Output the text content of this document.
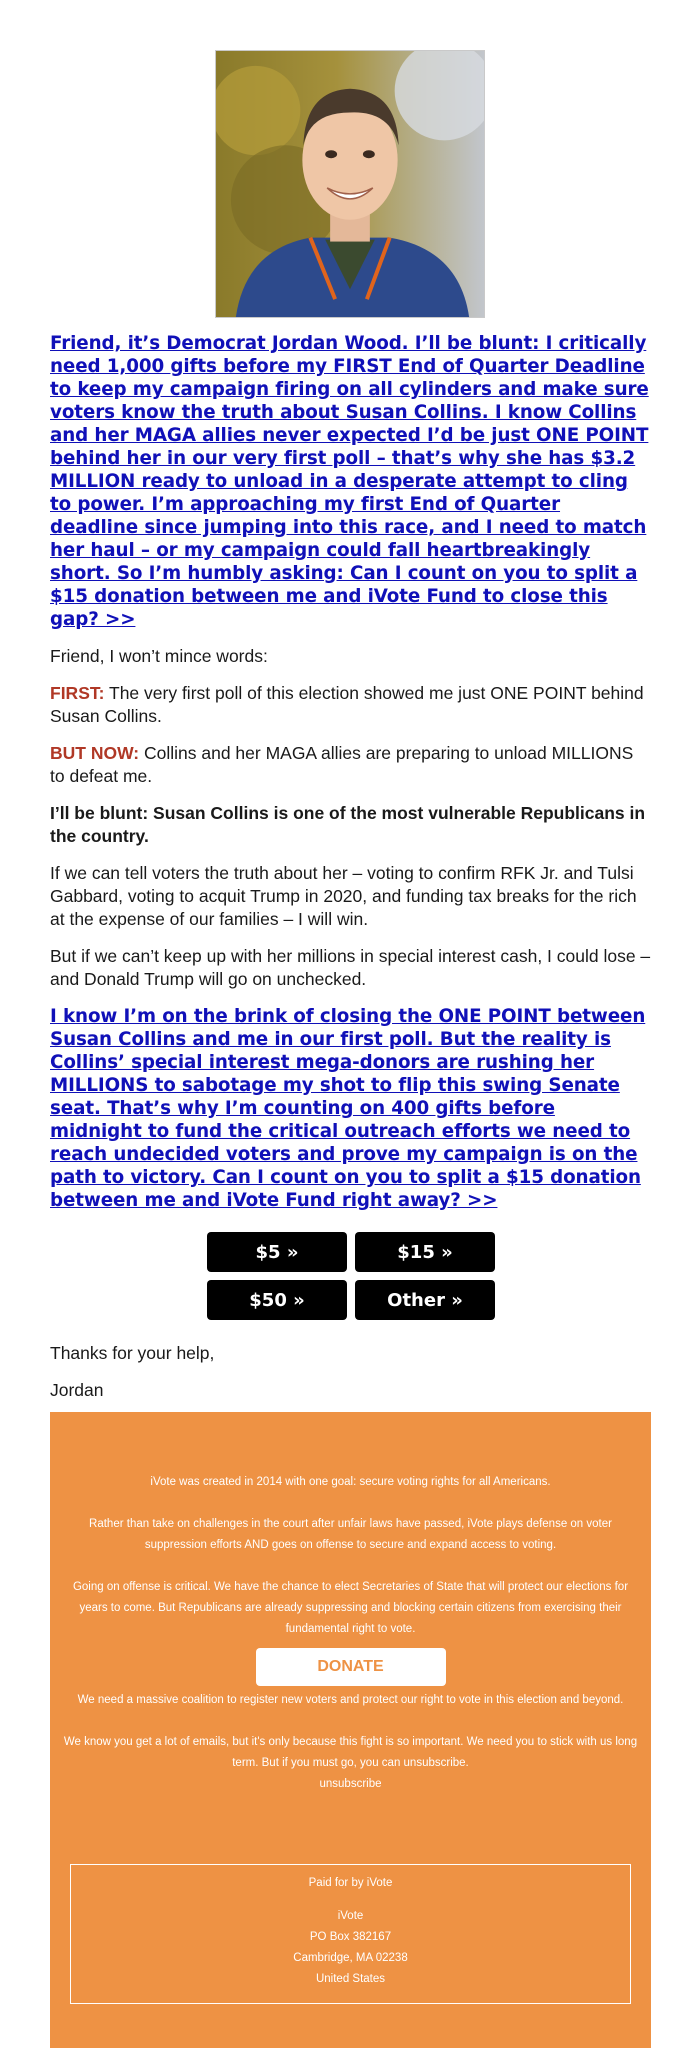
Friend, it’s Democrat Jordan Wood. I’ll be blunt: I critically need 1,000 gifts before my FIRST End of Quarter Deadline to keep my campaign firing on all cylinders and make sure voters know the truth about Susan Collins. I know Collins and her MAGA allies never expected I’d be just ONE POINT behind her in our very first poll – that’s why she has $3.2 MILLION ready to unload in a desperate attempt to cling to power. I’m approaching my first End of Quarter deadline since jumping into this race, and I need to match her haul – or my campaign could fall heartbreakingly short. So I’m humbly asking: Can I count on you to split a $15 donation between me and iVote Fund to close this gap? >>

Friend, I won’t mince words:

FIRST: The very first poll of this election showed me just ONE POINT behind Susan Collins.

BUT NOW: Collins and her MAGA allies are preparing to unload MILLIONS to defeat me.

I’ll be blunt: Susan Collins is one of the most vulnerable Republicans in the country.

If we can tell voters the truth about her – voting to confirm RFK Jr. and Tulsi Gabbard, voting to acquit Trump in 2020, and funding tax breaks for the rich at the expense of our families – I will win.

But if we can’t keep up with her millions in special interest cash, I could lose – and Donald Trump will go on unchecked.

I know I’m on the brink of closing the ONE POINT between Susan Collins and me in our first poll. But the reality is Collins’ special interest mega-donors are rushing her MILLIONS to sabotage my shot to flip this swing Senate seat. That’s why I’m counting on 400 gifts before midnight to fund the critical outreach efforts we need to reach undecided voters and prove my campaign is on the path to victory. Can I count on you to split a $15 donation between me and iVote Fund right away? >>
$5 »	$15 »
$50 »	Other »

Thanks for your help,

Jordan

iVote was created in 2014 with one goal: secure voting rights for all Americans.

Rather than take on challenges in the court after unfair laws have passed, iVote plays defense on voter suppression efforts AND goes on offense to secure and expand access to voting.

Going on offense is critical. We have the chance to elect Secretaries of State that will protect our elections for years to come. But Republicans are already suppressing and blocking certain citizens from exercising their fundamental right to vote.

DONATE

We need a massive coalition to register new voters and protect our right to vote in this election and beyond.

We know you get a lot of emails, but it's only because this fight is so important. We need you to stick with us long term. But if you must go, you can unsubscribe.

unsubscribe
Paid for by iVote
iVote
PO Box 382167
Cambridge, MA 02238
United States
